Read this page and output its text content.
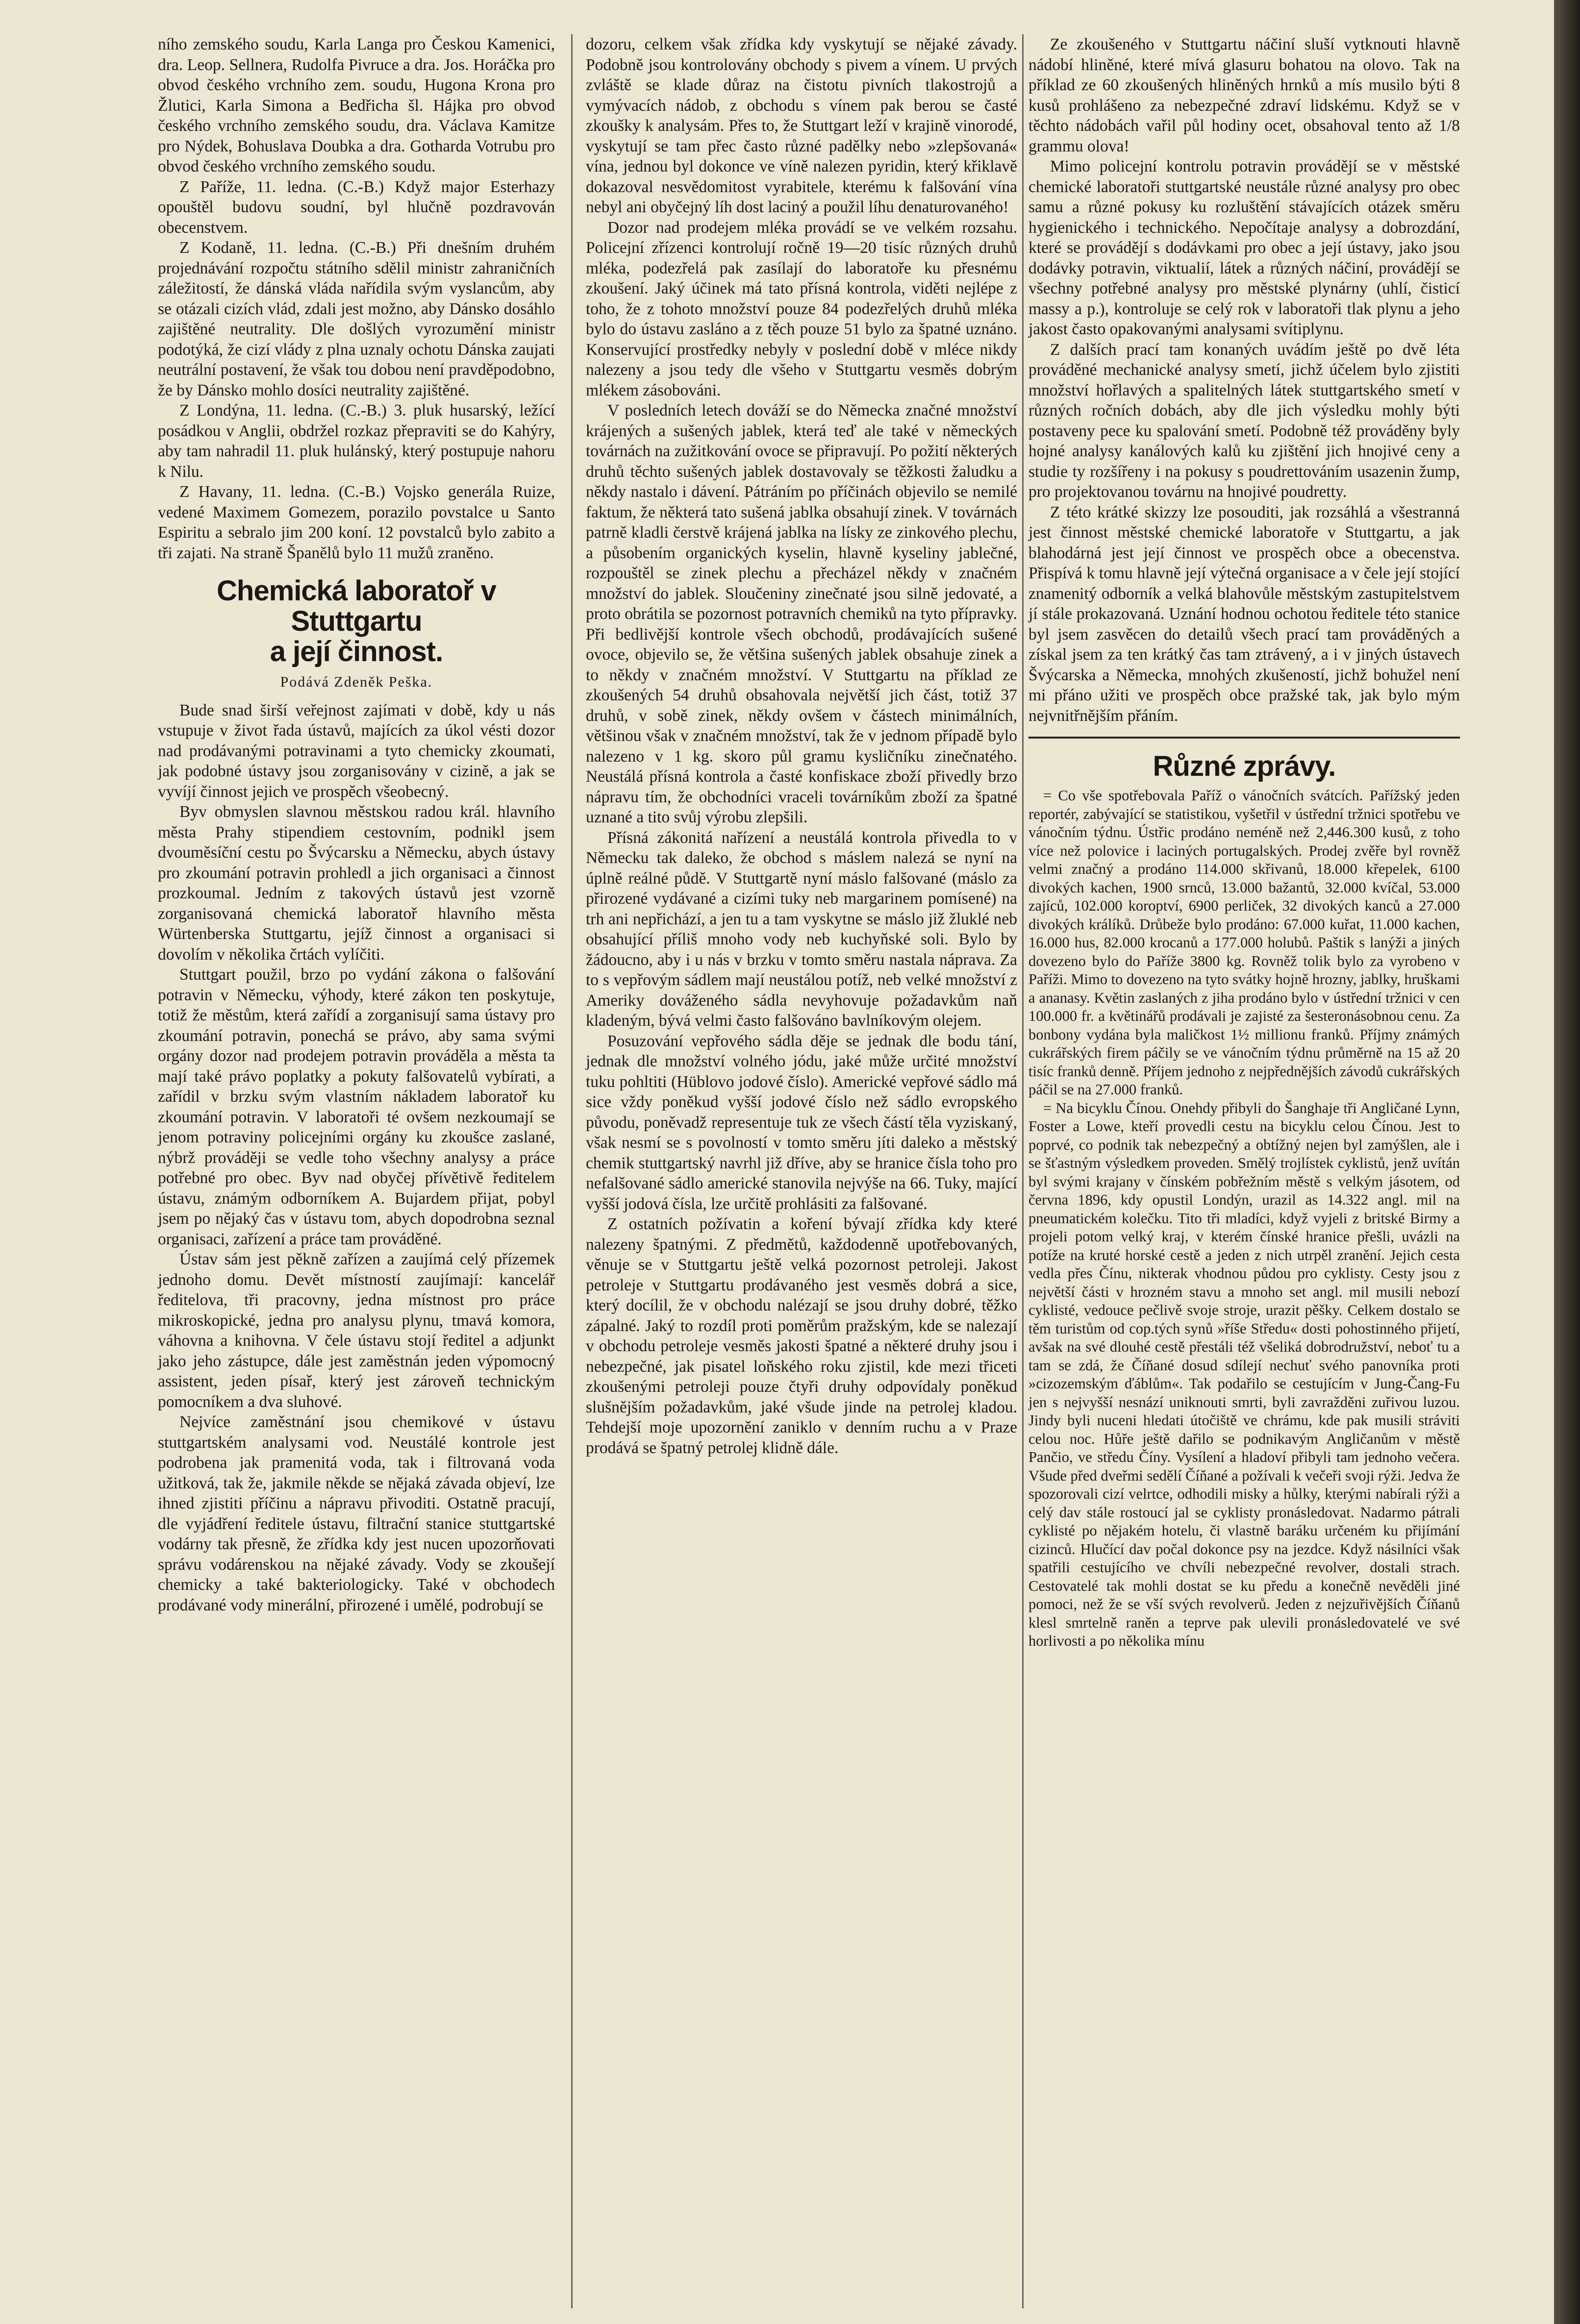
ního zemského soudu, Karla Langa pro Českou Kamenici, dra. Leop. Sellnera, Rudolfa Pivruce a dra. Jos. Horáčka pro obvod českého vrchního zem. soudu, Hugona Krona pro Žlutici, Karla Simona a Bedřicha šl. Hájka pro obvod českého vrchního zemského soudu, dra. Václava Kamitze pro Nýdek, Bohuslava Doubka a dra. Gotharda Votrubu pro obvod českého vrchního zemského soudu.

Z Paříže, 11. ledna. (C.-B.) Když major Esterhazy opouštěl budovu soudní, byl hlučně pozdravován obecenstvem.

Z Kodaně, 11. ledna. (C.-B.) Při dnešním druhém projednávání rozpočtu státního sdělil ministr zahraničních záležitostí, že dánská vláda nařídila svým vyslancům, aby se otázali cizích vlád, zdali jest možno, aby Dánsko dosáhlo zajištěné neutrality. Dle došlých vyrozumění ministr podotýká, že cizí vlády z plna uznaly ochotu Dánska zaujati neutrální postavení, že však tou dobou není pravděpodobno, že by Dánsko mohlo dosíci neutrality zajištěné.

Z Londýna, 11. ledna. (C.-B.) 3. pluk husarský, ležící posádkou v Anglii, obdržel rozkaz přepraviti se do Kahýry, aby tam nahradil 11. pluk hulánský, který postupuje nahoru k Nilu.

Z Havany, 11. ledna. (C.-B.) Vojsko generála Ruize, vedené Maximem Gomezem, porazilo povstalce u Santo Espiritu a sebralo jim 200 koní. 12 povstalců bylo zabito a tři zajati. Na straně Španělů bylo 11 mužů zraněno.

Chemická laboratoř v Stuttgartu
a její činnost.
Podává Zdeněk Peška.

Bude snad širší veřejnost zajímati v době, kdy u nás vstupuje v život řada ústavů, majících za úkol vésti dozor nad prodávanými potravinami a tyto chemicky zkoumati, jak podobné ústavy jsou zorganisovány v cizině, a jak se vyvíjí činnost jejich ve prospěch všeobecný.

Byv obmyslen slavnou městskou radou král. hlavního města Prahy stipendiem cestovním, podnikl jsem dvouměsíční cestu po Švýcarsku a Německu, abych ústavy pro zkoumání potravin prohledl a jich organisaci a činnost prozkoumal. Jedním z takových ústavů jest vzorně zorganisovaná chemická laboratoř hlavního města Würtenberska Stuttgartu, jejíž činnost a organisaci si dovolím v několika črtách vylíčiti.

Stuttgart použil, brzo po vydání zákona o falšování potravin v Německu, výhody, které zákon ten poskytuje, totiž že městům, která zařídí a zorganisují sama ústavy pro zkoumání potravin, ponechá se právo, aby sama svými orgány dozor nad prodejem potravin prováděla a města ta mají také právo poplatky a pokuty falšovatelů vybírati, a zařídil v brzku svým vlastním nákladem laboratoř ku zkoumání potravin. V laboratoři té ovšem nezkoumají se jenom potraviny policejními orgány ku zkoušce zaslané, nýbrž prováději se vedle toho všechny analysy a práce potřebné pro obec. Byv nad obyčej přívětivě ředitelem ústavu, známým odborníkem A. Bujardem přijat, pobyl jsem po nějaký čas v ústavu tom, abych dopodrobna seznal organisaci, zařízení a práce tam prováděné.

Ústav sám jest pěkně zařízen a zaujímá celý přízemek jednoho domu. Devět místností zaujímají: kancelář ředitelova, tři pracovny, jedna místnost pro práce mikroskopické, jedna pro analysu plynu, tmavá komora, váhovna a knihovna. V čele ústavu stojí ředitel a adjunkt jako jeho zástupce, dále jest zaměstnán jeden výpomocný assistent, jeden písař, který jest zároveň technickým pomocníkem a dva sluhové.

Nejvíce zaměstnání jsou chemikové v ústavu stuttgartském analysami vod. Neustálé kontrole jest podrobena jak pramenitá voda, tak i filtrovaná voda užitková, tak že, jakmile někde se nějaká závada objeví, lze ihned zjistiti příčinu a nápravu přivoditi. Ostatně pracují, dle vyjádření ředitele ústavu, filtrační stanice stuttgartské vodárny tak přesně, že zřídka kdy jest nucen upozorňovati správu vodárenskou na nějaké závady. Vody se zkoušejí chemicky a také bakteriologicky. Také v obchodech prodávané vody minerální, přirozené i umělé, podrobují se

dozoru, celkem však zřídka kdy vyskytují se nějaké závady. Podobně jsou kontrolovány obchody s pivem a vínem. U prvých zvláště se klade důraz na čistotu pivních tlakostrojů a vymývacích nádob, z obchodu s vínem pak berou se časté zkoušky k analysám. Přes to, že Stuttgart leží v krajině vinorodé, vyskytují se tam přec často různé padělky nebo »zlepšovaná« vína, jednou byl dokonce ve víně nalezen pyridin, který křiklavě dokazoval nesvědomitost vyrabitele, kterému k falšování vína nebyl ani obyčejný líh dost laciný a použil líhu denaturovaného!

Dozor nad prodejem mléka provádí se ve velkém rozsahu. Policejní zřízenci kontrolují ročně 19—20 tisíc různých druhů mléka, podezřelá pak zasílají do laboratoře ku přesnému zkoušení. Jaký účinek má tato přísná kontrola, viděti nejlépe z toho, že z tohoto množství pouze 84 podezřelých druhů mléka bylo do ústavu zasláno a z těch pouze 51 bylo za špatné uznáno. Konservující prostředky nebyly v poslední době v mléce nikdy nalezeny a jsou tedy dle všeho v Stuttgartu vesměs dobrým mlékem zásobováni.

V posledních letech dováží se do Německa značné množství krájených a sušených jablek, která teď ale také v německých továrnách na zužitkování ovoce se připravují. Po požití některých druhů těchto sušených jablek dostavovaly se těžkosti žaludku a někdy nastalo i dávení. Pátráním po příčinách objevilo se nemilé faktum, že některá tato sušená jablka obsahují zinek. V továrnách patrně kladli čerstvě krájená jablka na lísky ze zinkového plechu, a působením organických kyselin, hlavně kyseliny jablečné, rozpouštěl se zinek plechu a přecházel někdy v značném množství do jablek. Sloučeniny zinečnaté jsou silně jedovaté, a proto obrátila se pozornost potravních chemiků na tyto přípravky. Při bedlivější kontrole všech obchodů, prodávajících sušené ovoce, objevilo se, že většina sušených jablek obsahuje zinek a to někdy v značném množství. V Stuttgartu na příklad ze zkoušených 54 druhů obsahovala největší jich část, totiž 37 druhů, v sobě zinek, někdy ovšem v částech minimálních, většinou však v značném množství, tak že v jednom případě bylo nalezeno v 1 kg. skoro půl gramu kysličníku zinečnatého. Neustálá přísná kontrola a časté konfiskace zboží přivedly brzo nápravu tím, že obchodníci vraceli továrníkům zboží za špatné uznané a tito svůj výrobu zlepšili.

Přísná zákonitá nařízení a neustálá kontrola přivedla to v Německu tak daleko, že obchod s máslem nalezá se nyní na úplně reálné půdě. V Stuttgartě nyní máslo falšované (máslo za přirozené vydávané a cizími tuky neb margarinem pomísené) na trh ani nepřichází, a jen tu a tam vyskytne se máslo již žluklé neb obsahující příliš mnoho vody neb kuchyňské soli. Bylo by žádoucno, aby i u nás v brzku v tomto směru nastala náprava. Za to s vepřovým sádlem mají neustálou potíž, neb velké množství z Ameriky dováženého sádla nevyhovuje požadavkům naň kladeným, bývá velmi často falšováno bavlníkovým olejem.

Posuzování vepřového sádla děje se jednak dle bodu tání, jednak dle množství volného jódu, jaké může určité množství tuku pohltiti (Hüblovo jodové číslo). Americké vepřové sádlo má sice vždy poněkud vyšší jodové číslo než sádlo evropského původu, poněvadž representuje tuk ze všech částí těla vyziskaný, však nesmí se s povolností v tomto směru jíti daleko a městský chemik stuttgartský navrhl již dříve, aby se hranice čísla toho pro nefalšované sádlo americké stanovila nejvýše na 66. Tuky, mající vyšší jodová čísla, lze určitě prohlásiti za falšované.

Z ostatních požívatin a koření bývají zřídka kdy které nalezeny špatnými. Z předmětů, každodenně upotřebovaných, věnuje se v Stuttgartu ještě velká pozornost petroleji. Jakost petroleje v Stuttgartu prodávaného jest vesměs dobrá a sice, který docílil, že v obchodu nalézají se jsou druhy dobré, těžko zápalné. Jaký to rozdíl proti poměrům pražským, kde se nalezají v obchodu petroleje vesměs jakosti špatné a některé druhy jsou i nebezpečné, jak pisatel loňského roku zjistil, kde mezi třiceti zkoušenými petroleji pouze čtyři druhy odpovídaly poněkud slušnějším požadavkům, jaké všude jinde na petrolej kladou. Tehdejší moje upozornění zaniklo v denním ruchu a v Praze prodává se špatný petrolej klidně dále.

Ze zkoušeného v Stuttgartu náčiní sluší vytknouti hlavně nádobí hliněné, které mívá glasuru bohatou na olovo. Tak na příklad ze 60 zkoušených hliněných hrnků a mís musilo býti 8 kusů prohlášeno za nebezpečné zdraví lidskému. Když se v těchto nádobách vařil půl hodiny ocet, obsahoval tento až 1/8 grammu olova!

Mimo policejní kontrolu potravin provádějí se v městské chemické laboratoři stuttgartské neustále různé analysy pro obec samu a různé pokusy ku rozluštění stávajících otázek směru hygienického i technického. Nepočítaje analysy a dobrozdání, které se provádějí s dodávkami pro obec a její ústavy, jako jsou dodávky potravin, viktualií, látek a různých náčiní, provádějí se všechny potřebné analysy pro městské plynárny (uhlí, čisticí massy a p.), kontroluje se celý rok v laboratoři tlak plynu a jeho jakost často opakovanými analysami svítiplynu.

Z dalších prací tam konaných uvádím ještě po dvě léta prováděné mechanické analysy smetí, jichž účelem bylo zjistiti množství hořlavých a spalitelných látek stuttgartského smetí v různých ročních dobách, aby dle jich výsledku mohly býti postaveny pece ku spalování smetí. Podobně též prováděny byly hojné analysy kanálových kalů ku zjištění jich hnojivé ceny a studie ty rozšířeny i na pokusy s poudrettováním usazenin žump, pro projektovanou továrnu na hnojivé poudretty.

Z této krátké skizzy lze posouditi, jak rozsáhlá a všestranná jest činnost městské chemické laboratoře v Stuttgartu, a jak blahodárná jest její činnost ve prospěch obce a obecenstva. Přispívá k tomu hlavně její výtečná organisace a v čele její stojící znamenitý odborník a velká blahovůle městským zastupitelstvem jí stále prokazovaná. Uznání hodnou ochotou ředitele této stanice byl jsem zasvěcen do detailů všech prací tam prováděných a získal jsem za ten krátký čas tam ztrávený, a i v jiných ústavech Švýcarska a Německa, mnohých zkušeností, jichž bohužel není mi přáno užiti ve prospěch obce pražské tak, jak bylo mým nejvnitřnějším přáním.

Různé zprávy.

= Co vše spotřebovala Paříž o vánočních svátcích. Pařížský jeden reportér, zabývající se statistikou, vyšetřil v ústřední tržnici spotřebu ve vánočním týdnu. Ústřic prodáno neméně než 2,446.300 kusů, z toho více než polovice i laciných portugalských. Prodej zvěře byl rovněž velmi značný a prodáno 114.000 skřivanů, 18.000 křepelek, 6100 divokých kachen, 1900 srnců, 13.000 bažantů, 32.000 kvíčal, 53.000 zajíců, 102.000 koroptví, 6900 perliček, 32 divokých kanců a 27.000 divokých králíků. Drůbeže bylo prodáno: 67.000 kuřat, 11.000 kachen, 16.000 hus, 82.000 krocanů a 177.000 holubů. Paštik s lanýži a jiných dovezeno bylo do Paříže 3800 kg. Rovněž tolik bylo za vyrobeno v Paříži. Mimo to dovezeno na tyto svátky hojně hrozny, jablky, hruškami a ananasy. Květin zaslaných z jiha prodáno bylo v ústřední tržnici v cen 100.000 fr. a květinářů prodávali je zajisté za šesteronásobnou cenu. Za bonbony vydána byla maličkost 1½ millionu franků. Příjmy známých cukrářských firem páčily se ve vánočním týdnu průměrně na 15 až 20 tisíc franků denně. Příjem jednoho z nejpřednějších závodů cukrářských páčil se na 27.000 franků.

= Na bicyklu Čínou. Onehdy přibyli do Šanghaje tři Angličané Lynn, Foster a Lowe, kteří provedli cestu na bicyklu celou Čínou. Jest to poprvé, co podnik tak nebezpečný a obtížný nejen byl zamýšlen, ale i se šťastným výsledkem proveden. Smělý trojlístek cyklistů, jenž uvítán byl svými krajany v čínském pobřežním městě s velkým jásotem, od června 1896, kdy opustil Londýn, urazil as 14.322 angl. mil na pneumatickém kolečku. Tito tři mladíci, když vyjeli z britské Birmy a projeli potom velký kraj, v kterém čínské hranice přešli, uvázli na potíže na kruté horské cestě a jeden z nich utrpěl zranění. Jejich cesta vedla přes Čínu, nikterak vhodnou půdou pro cyklisty. Cesty jsou z největší části v hrozném stavu a mnoho set angl. mil musili nebozí cyklisté, vedouce pečlivě svoje stroje, urazit pěšky. Celkem dostalo se těm turistům od cop.tých synů »říše Středu« dosti pohostinného přijetí, avšak na své dlouhé cestě přestáli též všeliká dobrodružství, neboť tu a tam se zdá, že Číňané dosud sdílejí nechuť svého panovníka proti »cizozemským ďáblům«. Tak podařilo se cestujícím v Jung-Čang-Fu jen s nejvyšší nesnází uniknouti smrti, byli zavražděni zuřivou luzou. Jindy byli nuceni hledati útočiště ve chrámu, kde pak musili stráviti celou noc. Hůře ještě dařilo se podnikavým Angličanům v městě Pančio, ve středu Číny. Vysílení a hladoví přibyli tam jednoho večera. Všude před dveřmi sedělí Číňané a požívali k večeři svoji rýži. Jedva že spozorovali cizí velrtce, odhodili misky a hůlky, kterými nabírali rýži a celý dav stále rostoucí jal se cyklisty pronásledovat. Nadarmo pátrali cyklisté po nějakém hotelu, či vlastně baráku určeném ku přijímání cizinců. Hlučící dav počal dokonce psy na jezdce. Když násilníci však spatřili cestujícího ve chvíli nebezpečné revolver, dostali strach. Cestovatelé tak mohli dostat se ku předu a konečně nevěděli jiné pomoci, než že se vší svých revolverů. Jeden z nejzuřivějších Číňanů klesl smrtelně raněn a teprve pak ulevili pronásledovatelé ve své horlivosti a po několika mínu
